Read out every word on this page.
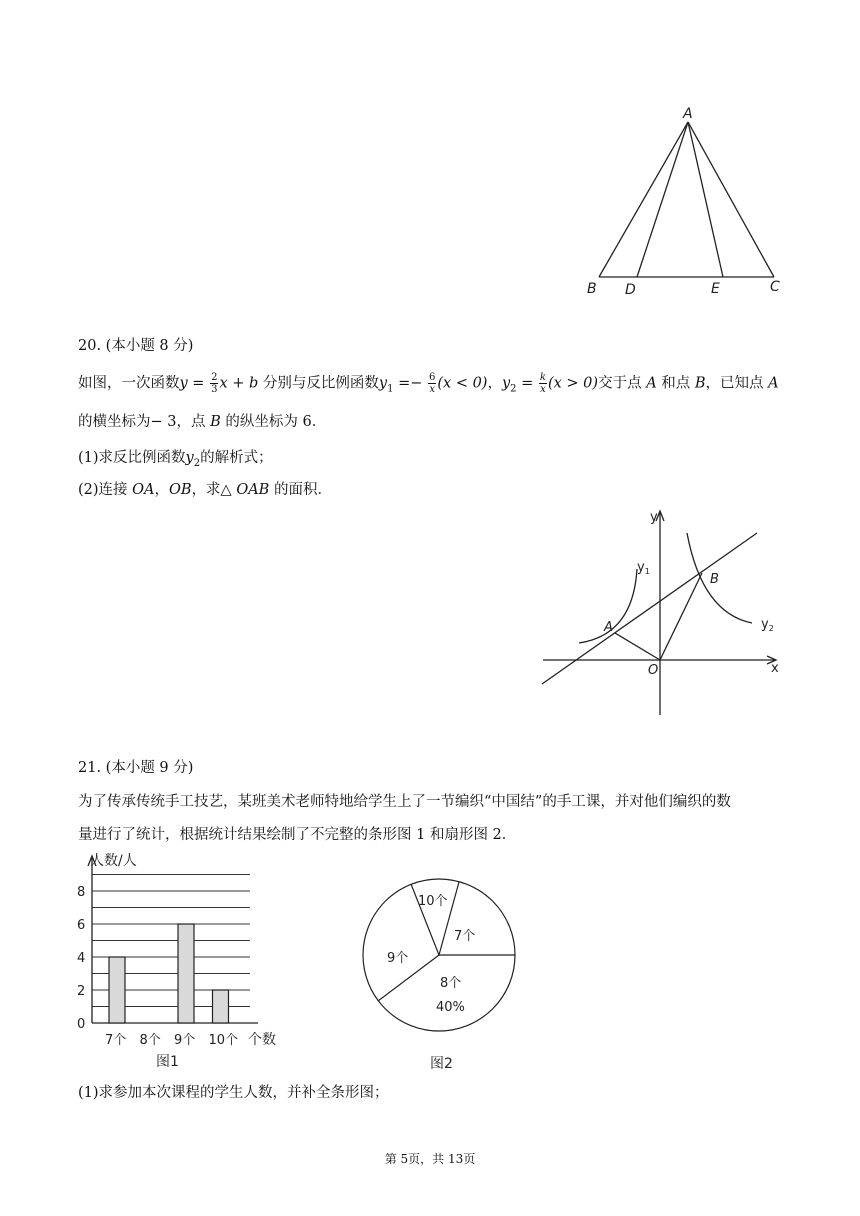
A
B D	E	C
20. (本小题 8 分)
如图，一次函数$y = \frac{2}{3}$ x + b 分别与反比例函数$y_1 =- \frac{6}{x} (x < 0)$，$y_2 = \frac{k}{x} (x > 0)$交于点 A 和点 B，已知点 A
的横坐标为− 3，点 B 的纵坐标为 6．
(1)求反比例函数$y_2$的解析式；
(2)连接 OA，OB，求△ OAB 的面积．
y
x
O
A
B
$y_1$
$y_2$
21. (本小题 9 分)
为了传承传统手工技艺，某班美术老师特地给学生上了一节编织“中国结”的手工课，并对他们编织的数
量进行了统计，根据统计结果绘制了不完整的条形图 1 和扇形图 2．
人数/人
0
2
4
6
8
7个 8个 9个 10个 个数
图1
10个
7个
9个
8个
40%
图2
(1)求参加本次课程的学生人数，并补全条形图；
第 5页，共 13页
